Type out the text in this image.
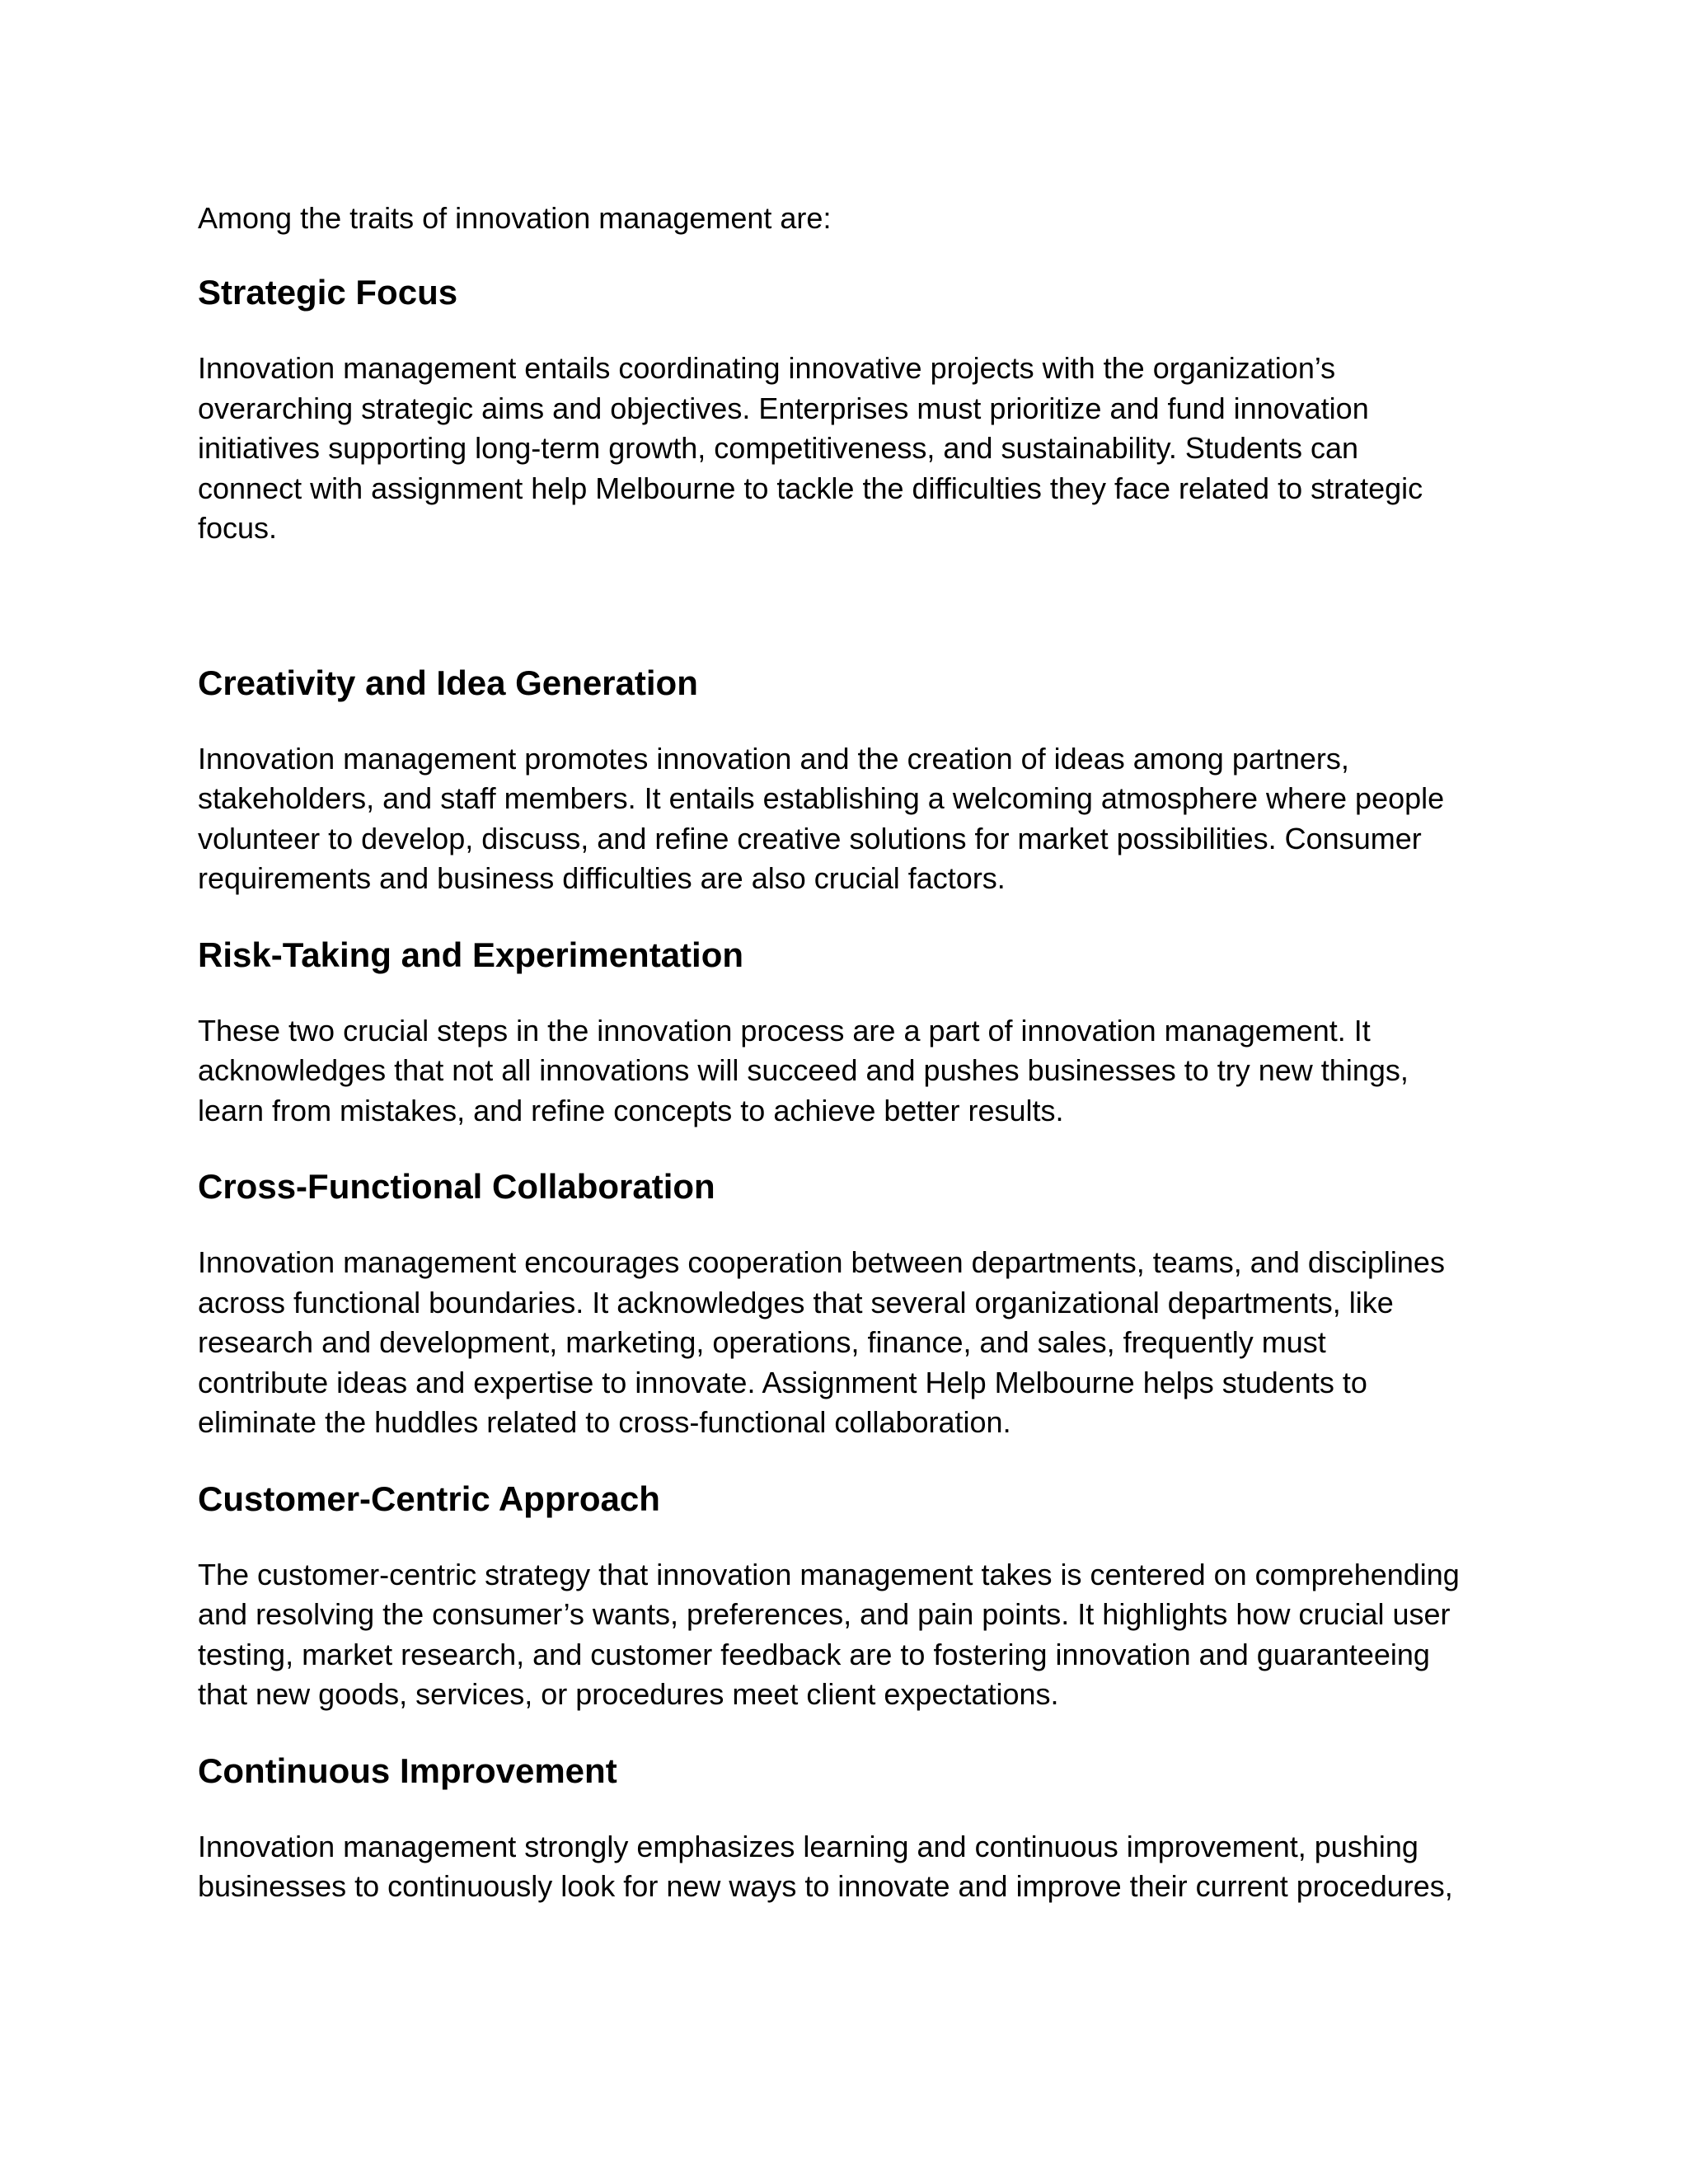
Among the traits of innovation management are:

Strategic Focus

Innovation management entails coordinating innovative projects with the organization’s
overarching strategic aims and objectives. Enterprises must prioritize and fund innovation
initiatives supporting long-term growth, competitiveness, and sustainability. Students can
connect with assignment help Melbourne to tackle the difficulties they face related to strategic
focus.

Creativity and Idea Generation

Innovation management promotes innovation and the creation of ideas among partners,
stakeholders, and staff members. It entails establishing a welcoming atmosphere where people
volunteer to develop, discuss, and refine creative solutions for market possibilities. Consumer
requirements and business difficulties are also crucial factors.

Risk-Taking and Experimentation

These two crucial steps in the innovation process are a part of innovation management. It
acknowledges that not all innovations will succeed and pushes businesses to try new things,
learn from mistakes, and refine concepts to achieve better results.

Cross-Functional Collaboration

Innovation management encourages cooperation between departments, teams, and disciplines
across functional boundaries. It acknowledges that several organizational departments, like
research and development, marketing, operations, finance, and sales, frequently must
contribute ideas and expertise to innovate. Assignment Help Melbourne helps students to
eliminate the huddles related to cross-functional collaboration.

Customer-Centric Approach

The customer-centric strategy that innovation management takes is centered on comprehending
and resolving the consumer’s wants, preferences, and pain points. It highlights how crucial user
testing, market research, and customer feedback are to fostering innovation and guaranteeing
that new goods, services, or procedures meet client expectations.

Continuous Improvement

Innovation management strongly emphasizes learning and continuous improvement, pushing
businesses to continuously look for new ways to innovate and improve their current procedures,
